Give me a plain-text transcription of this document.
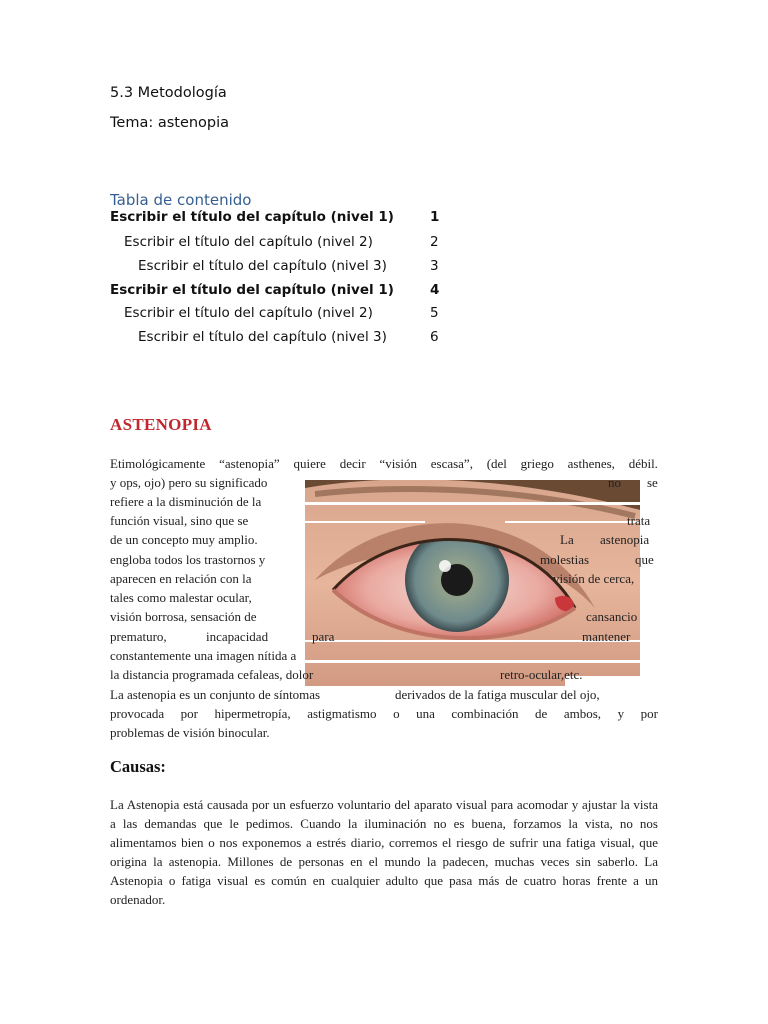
5.3 Metodología
Tema: astenopia
Tabla de contenido
Escribir el título del capítulo (nivel 1)	1
Escribir el título del capítulo (nivel 2)	2
Escribir el título del capítulo (nivel 3)	3
Escribir el título del capítulo (nivel 1)	4
Escribir el título del capítulo (nivel 2)	5
Escribir el título del capítulo (nivel 3)	6
ASTENOPIA
Etimológicamente “astenopia” quiere decir “visión escasa”, (del griego asthenes, débil.
y ops, ojo) pero su significado	no se
refiere a la disminución de la
función visual, sino que se	trata
de un concepto muy amplio.	La astenopia
engloba todos los trastornos y	molestias	que
aparecen en relación con la	visión de cerca,
tales como malestar ocular,
visión borrosa, sensación de	cansancio
prematuro,	incapacidad	para	mantener
constantemente una imagen nítida a
la distancia programada cefaleas, dolor	retro-ocular,etc.
La astenopia es un conjunto de síntomas	derivados de la fatiga muscular del ojo,
provocada por hipermetropía, astigmatismo o una combinación de ambos, y por
problemas de visión binocular.
Causas:
La Astenopia está causada por un esfuerzo voluntario del aparato visual para acomodar y ajustar la vista a las demandas que le pedimos. Cuando la iluminación no es buena, forzamos la vista, no nos alimentamos bien o nos exponemos a estrés diario, corremos el riesgo de sufrir una fatiga visual, que origina la astenopia. Millones de personas en el mundo la padecen, muchas veces sin saberlo. La Astenopia o fatiga visual es común en cualquier adulto que pasa más de cuatro horas frente a un ordenador.
